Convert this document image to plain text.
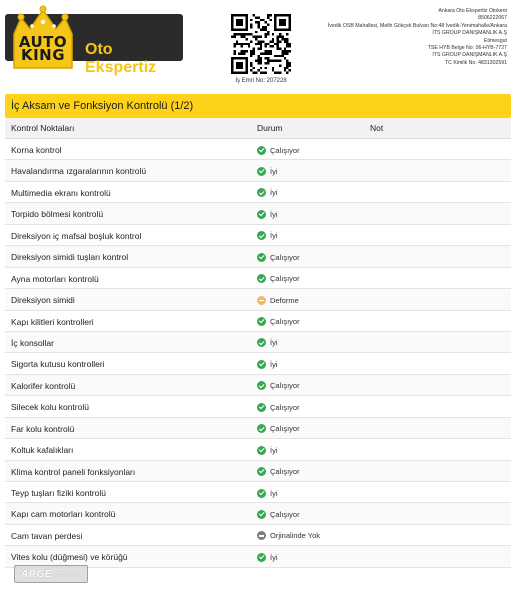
Oto Ekspertiz
AUTO
KING
İş Emri No: 207228
Ankara Oto Ekspertiz Otokent
8506222067
İvedik OSB Mahallesi, Melih Gökçek Bulvarı No:48 İvedik-Yenimahalle/Ankara
İTS GROUP DANIŞMANLIK A.Ş
Etimesgut
TSE HYB Belge No: 06-HYB-7727
İTS GROUP DANIŞMANLIK A.Ş
TC Kimlik No: 4831302591
İç Aksam ve Fonksiyon Kontrolü (1/2)
Kontrol Noktaları	Durum	Not
Korna kontrol	Çalışıyor
Havalandırma ızgaralarının kontrolü	İyi
Multimedia ekranı kontrolü	İyi
Torpido bölmesi kontrolü	İyi
Direksiyon iç mafsal boşluk kontrol	İyi
Direksiyon simidi tuşları kontrol	Çalışıyor
Ayna motorları kontrolü	Çalışıyor
Direksiyon simidi	Deforme
Kapı kilitleri kontrolleri	Çalışıyor
İç konsollar	İyi
Sigorta kutusu kontrolleri	İyi
Kalorifer kontrolü	Çalışıyor
Silecek kolu kontrolü	Çalışıyor
Far kolu kontrolü	Çalışıyor
Koltuk kafalıkları	İyi
Klima kontrol paneli fonksiyonları	Çalışıyor
Teyp tuşları fiziki kontrolü	İyi
Kapı cam motorları kontrolü	Çalışıyor
Cam tavan perdesi	Orjinalinde Yok
Vites kolu (düğmesi) ve körüğü	İyi
ARGE OTOMOTİV
